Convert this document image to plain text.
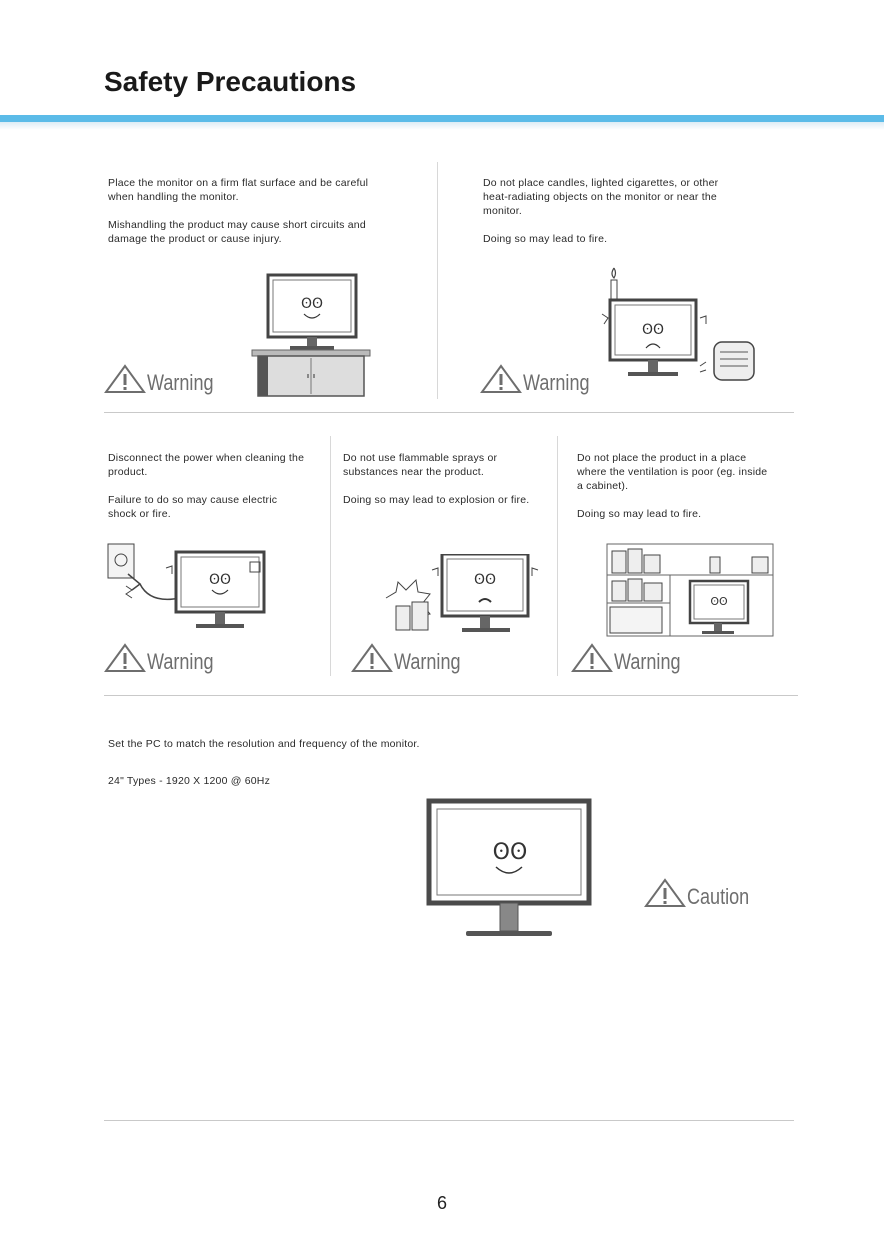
Safety Precautions

Place the monitor on a firm flat surface and be careful when handling the monitor.

Mishandling the product may cause short circuits and damage the product or cause injury.

Do not place candles, lighted cigarettes, or other heat-radiating objects on the monitor or near the monitor.

Doing so may lead to fire.

ʘʘ
Warning
ʘʘ
Warning

Disconnect the power when cleaning the product.

Failure to do so may cause electric shock or fire.

Do not use flammable sprays or substances near the product.

Doing so may lead to explosion or fire.

Do not place the product in a place where the ventilation is poor (eg. inside a cabinet).

Doing so may lead to fire.

ʘʘ
Warning
ʘʘ
Warning
ʘʘ
Warning

Set the PC to match the resolution and frequency of the monitor.

24" Types - 1920 X 1200 @ 60Hz

ʘʘ
Caution
6
